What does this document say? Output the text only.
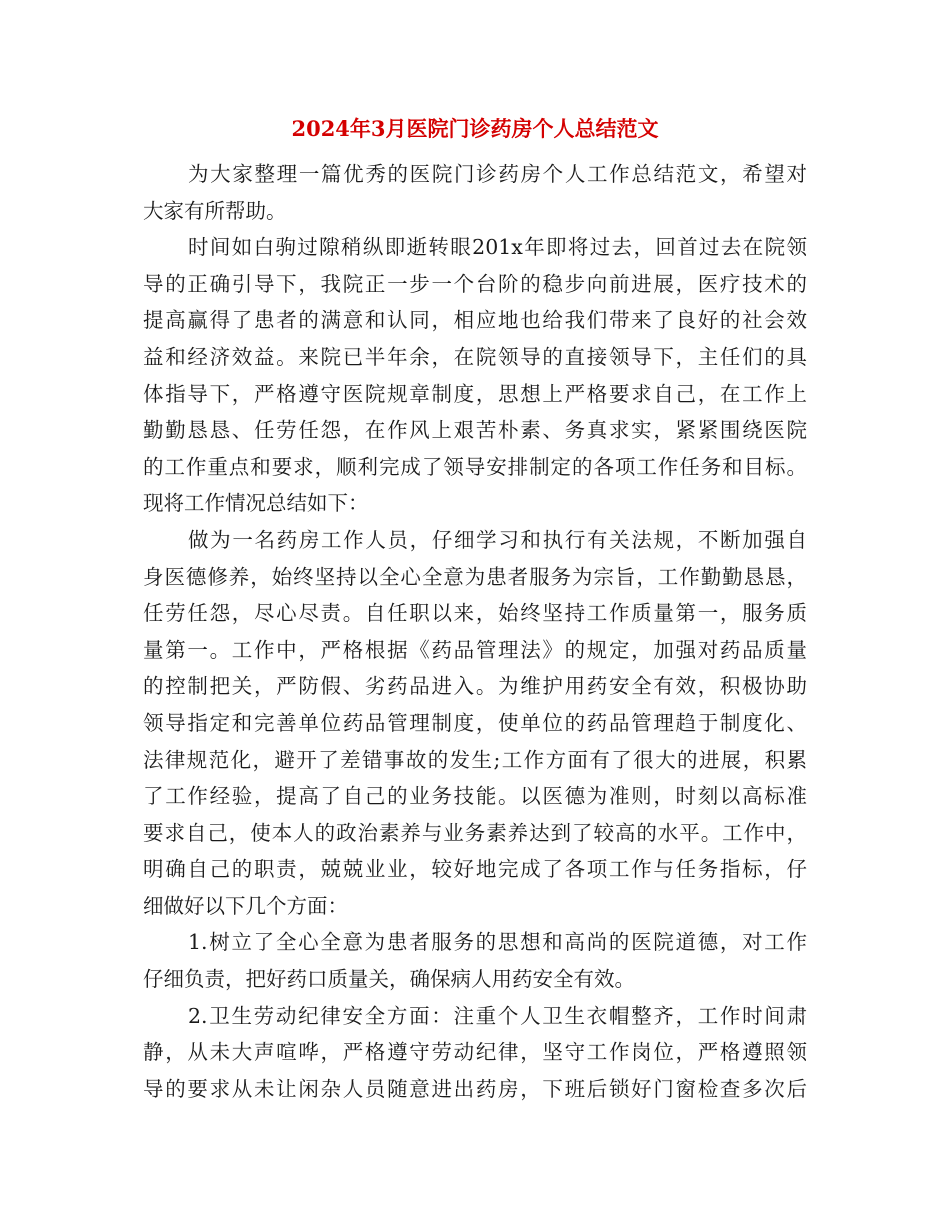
2024年3月医院门诊药房个人总结范文
为大家整理一篇优秀的医院门诊药房个人工作总结范文，希望对
大家有所帮助。
时间如白驹过隙稍纵即逝转眼201x年即将过去，回首过去在院领
导的正确引导下，我院正一步一个台阶的稳步向前进展，医疗技术的
提高赢得了患者的满意和认同，相应地也给我们带来了良好的社会效
益和经济效益。来院已半年余，在院领导的直接领导下，主任们的具
体指导下，严格遵守医院规章制度，思想上严格要求自己，在工作上
勤勤恳恳、任劳任怨，在作风上艰苦朴素、务真求实，紧紧围绕医院
的工作重点和要求，顺利完成了领导安排制定的各项工作任务和目标。
现将工作情况总结如下：
做为一名药房工作人员，仔细学习和执行有关法规，不断加强自
身医德修养，始终坚持以全心全意为患者服务为宗旨，工作勤勤恳恳，
任劳任怨，尽心尽责。自任职以来，始终坚持工作质量第一，服务质
量第一。工作中，严格根据《药品管理法》的规定，加强对药品质量
的控制把关，严防假、劣药品进入。为维护用药安全有效，积极协助
领导指定和完善单位药品管理制度，使单位的药品管理趋于制度化、
法律规范化，避开了差错事故的发生;工作方面有了很大的进展，积累
了工作经验，提高了自己的业务技能。以医德为准则，时刻以高标准
要求自己，使本人的政治素养与业务素养达到了较高的水平。工作中，
明确自己的职责，兢兢业业，较好地完成了各项工作与任务指标，仔
细做好以下几个方面：
1.树立了全心全意为患者服务的思想和高尚的医院道德，对工作
仔细负责，把好药口质量关，确保病人用药安全有效。
2.卫生劳动纪律安全方面：注重个人卫生衣帽整齐，工作时间肃
静，从未大声喧哗，严格遵守劳动纪律，坚守工作岗位，严格遵照领
导的要求从未让闲杂人员随意进出药房，下班后锁好门窗检查多次后
